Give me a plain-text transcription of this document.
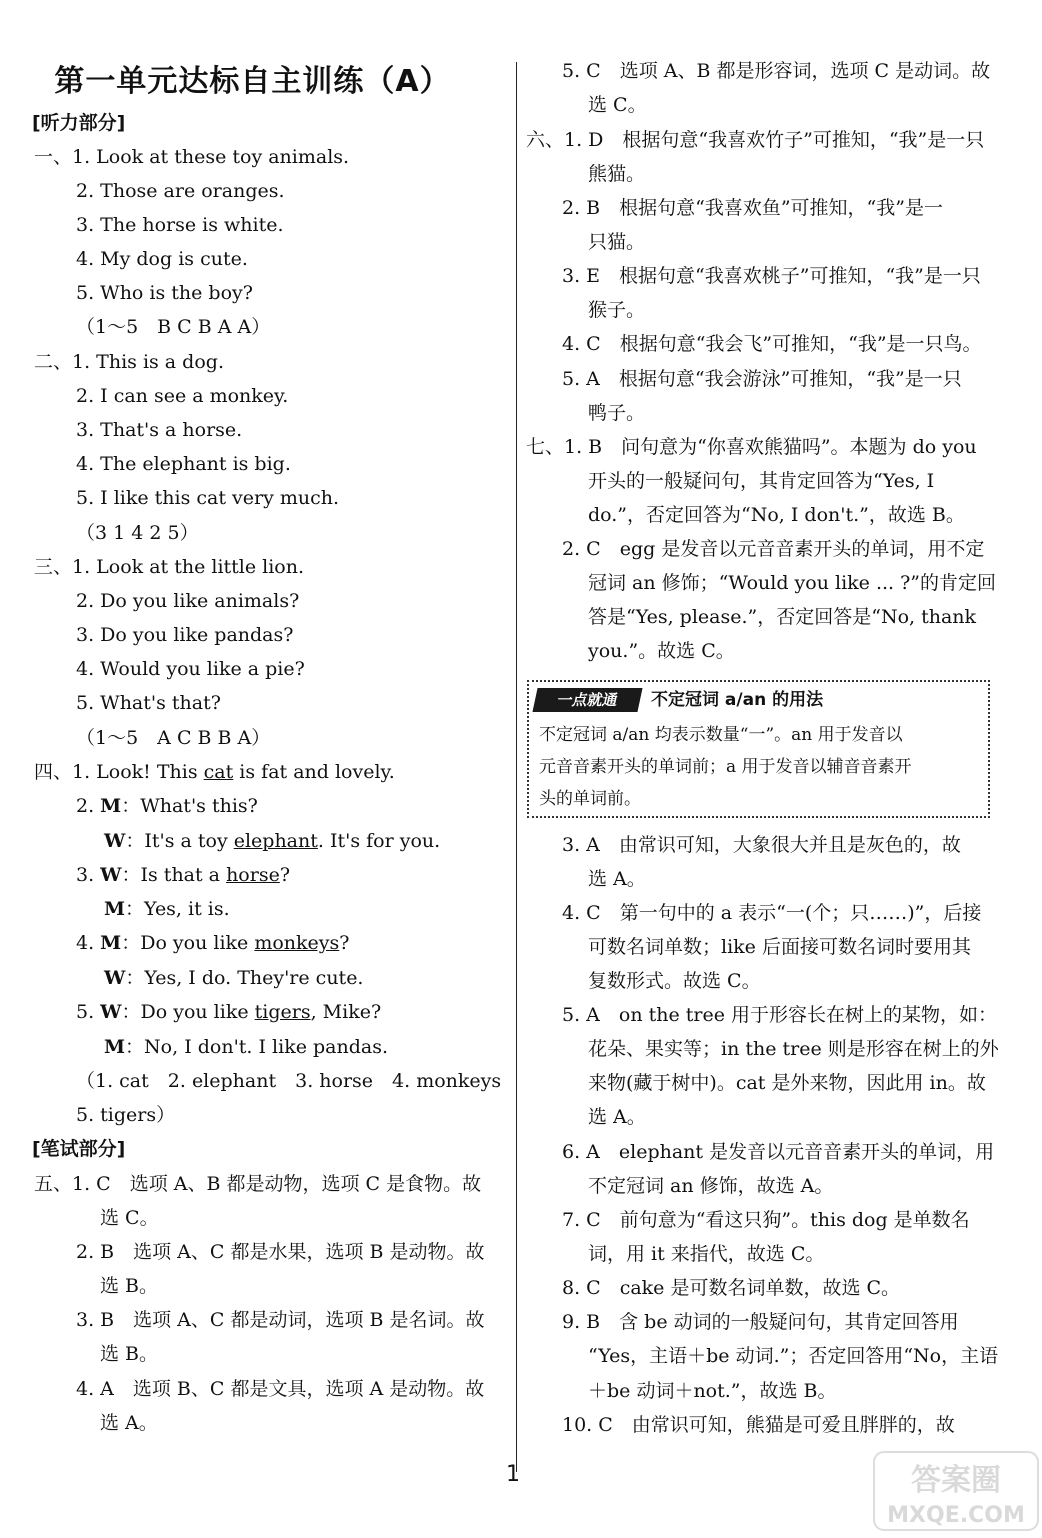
第一单元达标自主训练（A）
[听力部分]
[笔试部分]
一、1. Look at these toy animals.
2. Those are oranges.
3. The horse is white.
4. My dog is cute.
5. Who is the boy?
（1～5　B C B A A）
二、1. This is a dog.
2. I can see a monkey.
3. That's a horse.
4. The elephant is big.
5. I like this cat very much.
（3 1 4 2 5）
三、1. Look at the little lion.
2. Do you like animals?
3. Do you like pandas?
4. Would you like a pie?
5. What's that?
（1～5　A C B B A）
（1. cat　2. elephant　3. horse　4. monkeys
5. tigers）
五、1. C　选项 A、B 都是动物，选项 C 是食物。故
选 C。
2. B　选项 A、C 都是水果，选项 B 是动物。故
选 B。
3. B　选项 A、C 都是动词，选项 B 是名词。故
选 B。
4. A　选项 B、C 都是文具，选项 A 是动物。故
选 A。
四、1. Look! This cat is fat and lovely.
2. M：What's this?
W：It's a toy elephant. It's for you.
3. W：Is that a horse?
M：Yes, it is.
4. M：Do you like monkeys?
W：Yes, I do. They're cute.
5. W：Do you like tigers, Mike?
M：No, I don't. I like pandas.
5. C　选项 A、B 都是形容词，选项 C 是动词。故
选 C。
六、1. D　根据句意“我喜欢竹子”可推知，“我”是一只
熊猫。
2. B　根据句意“我喜欢鱼”可推知，“我”是一
只猫。
3. E　根据句意“我喜欢桃子”可推知，“我”是一只
猴子。
4. C　根据句意“我会飞”可推知，“我”是一只鸟。
5. A　根据句意“我会游泳”可推知，“我”是一只
鸭子。
七、1. B　问句意为“你喜欢熊猫吗”。本题为 do you
开头的一般疑问句，其肯定回答为“Yes, I
do.”，否定回答为“No, I don't.”，故选 B。
2. C　egg 是发音以元音音素开头的单词，用不定
冠词 an 修饰；“Would you like ... ?”的肯定回
答是“Yes, please.”，否定回答是“No, thank
you.”。故选 C。
3. A　由常识可知，大象很大并且是灰色的，故
选 A。
4. C　第一句中的 a 表示“一(个；只……)”，后接
可数名词单数；like 后面接可数名词时要用其
复数形式。故选 C。
5. A　on the tree 用于形容长在树上的某物，如：
花朵、果实等；in the tree 则是形容在树上的外
来物(藏于树中)。cat 是外来物，因此用 in。故
选 A。
6. A　elephant 是发音以元音音素开头的单词，用
不定冠词 an 修饰，故选 A。
7. C　前句意为“看这只狗”。this dog 是单数名
词，用 it 来指代，故选 C。
8. C　cake 是可数名词单数，故选 C。
9. B　含 be 动词的一般疑问句，其肯定回答用
“Yes，主语＋be 动词.”；否定回答用“No，主语
＋be 动词＋not.”，故选 B。
10. C　由常识可知，熊猫是可爱且胖胖的，故
一点就通	不定冠词 a/an 的用法
不定冠词 a/an 均表示数量“一”。an 用于发音以
元音音素开头的单词前；a 用于发音以辅音音素开
头的单词前。
1	答案圈
MXQE.COM
